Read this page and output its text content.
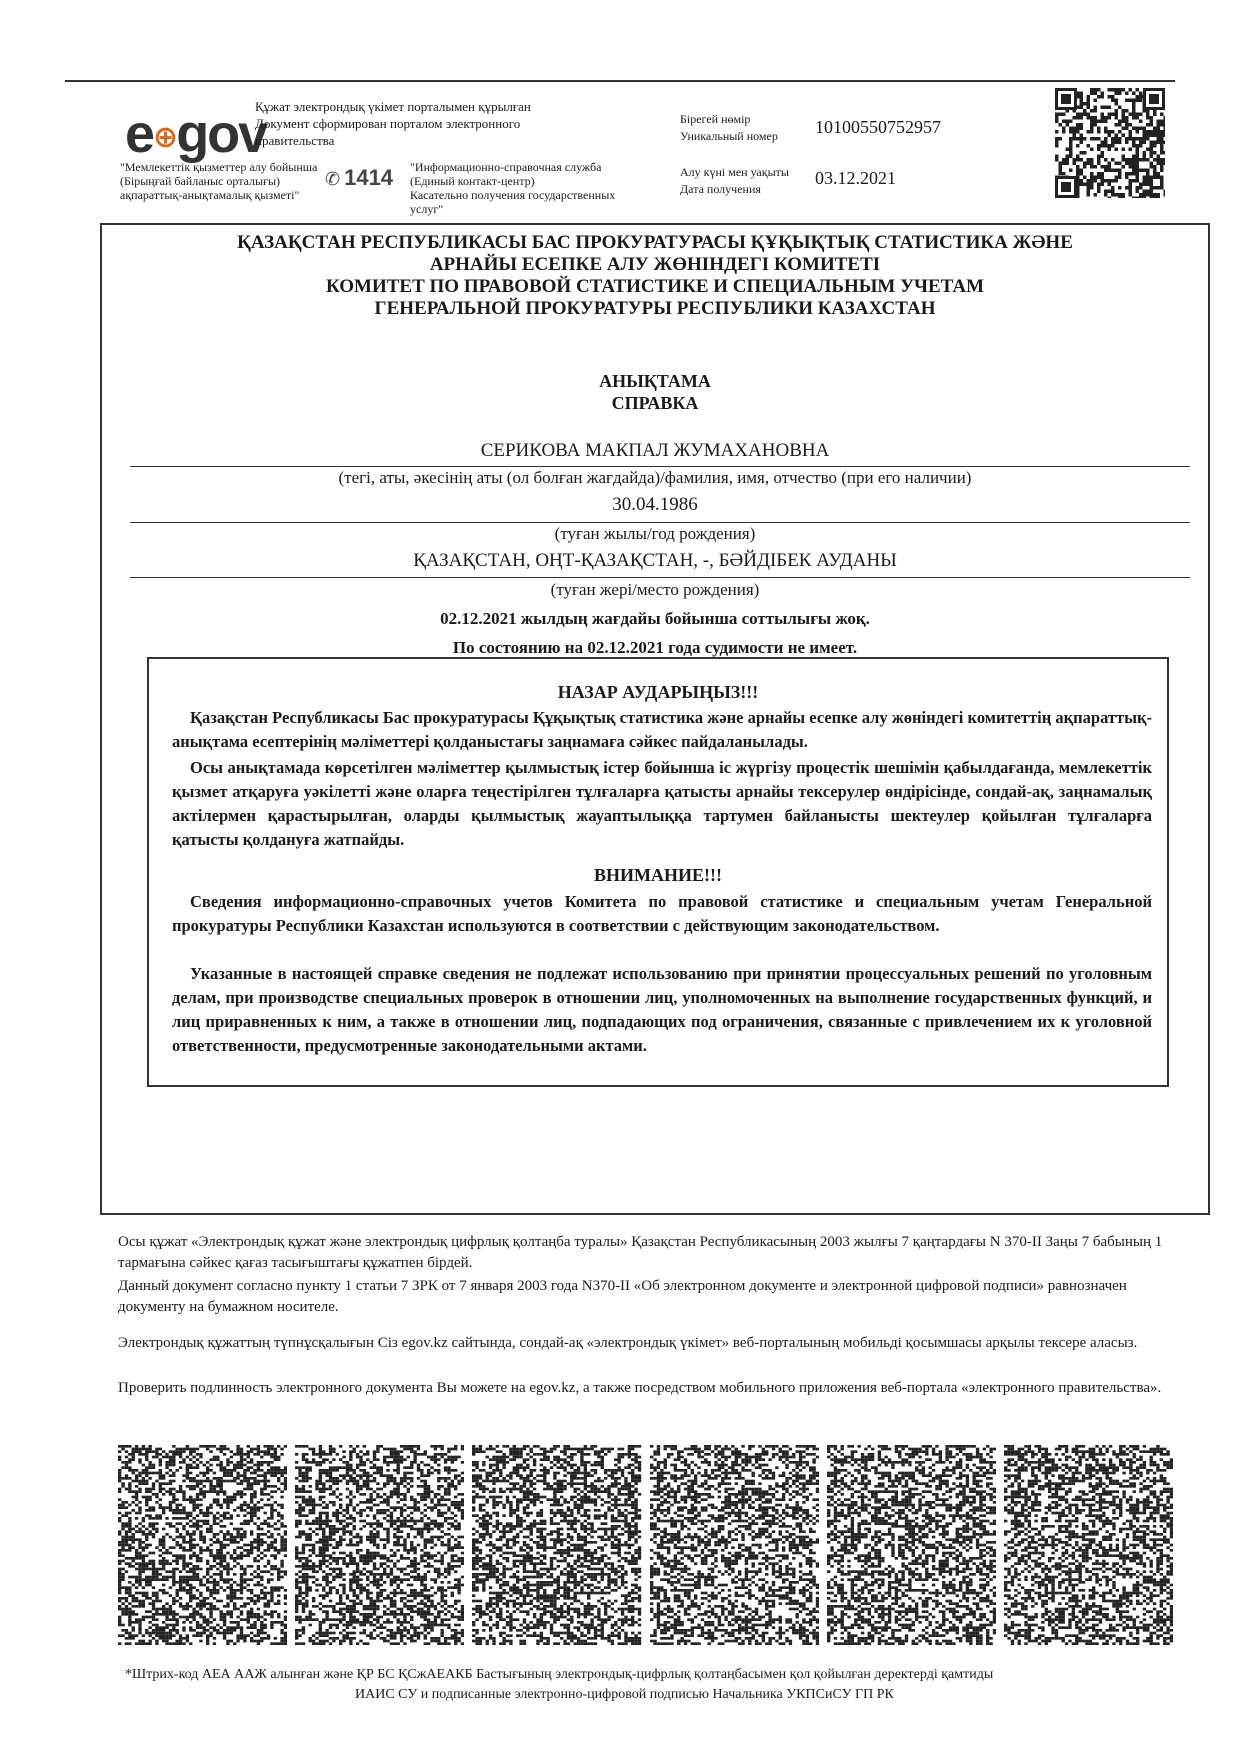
e⊕gov
Құжат электрондық үкімет порталымен құрылған
Документ сформирован порталом электронного правительства
"Мемлекеттік қызметтер алу бойынша
(Бірыңғай байланыс орталығы)
ақпараттық-анықтамалық қызметі"
✆ 1414 "Информационно-справочная служба
(Единый контакт-центр)
Касательно получения государственных услуг"
Бірегей нөмір
Уникальный номер	10100550752957
Алу күні мен уақыты
Дата получения
03.12.2021
ҚАЗАҚСТАН РЕСПУБЛИКАСЫ БАС ПРОКУРАТУРАСЫ ҚҰҚЫҚТЫҚ СТАТИСТИКА ЖӘНЕ
АРНАЙЫ ЕСЕПКЕ АЛУ ЖӨНІНДЕГІ КОМИТЕТІ
КОМИТЕТ ПО ПРАВОВОЙ СТАТИСТИКЕ И СПЕЦИАЛЬНЫМ УЧЕТАМ
ГЕНЕРАЛЬНОЙ ПРОКУРАТУРЫ РЕСПУБЛИКИ КАЗАХСТАН
АНЫҚТАМА
СПРАВКА
СЕРИКОВА МАКПАЛ ЖУМАХАНОВНА
(тегі, аты, әкесінің аты (ол болған жағдайда)/фамилия, имя, отчество (при его наличии)
30.04.1986
(туған жылы/год рождения)
ҚАЗАҚСТАН, ОҢТ-ҚАЗАҚСТАН, -, БӘЙДІБЕК АУДАНЫ
(туған жері/место рождения)
02.12.2021 жылдың жағдайы бойынша соттылығы жоқ.
По состоянию на 02.12.2021 года судимости не имеет.
НАЗАР АУДАРЫҢЫЗ!!!
Қазақстан Республикасы Бас прокуратурасы Құқықтық статистика және арнайы есепке алу жөніндегі комитеттің ақпараттық-анықтама есептерінің мәліметтері қолданыстағы заңнамаға сәйкес пайдаланылады.
Осы анықтамада көрсетілген мәліметтер қылмыстық істер бойынша іс жүргізу процестік шешімін қабылдағанда, мемлекеттік қызмет атқаруға уәкілетті және оларға теңестірілген тұлғаларға қатысты арнайы тексерулер өндірісінде, сондай-ақ, заңнамалық актілермен қарастырылған, оларды қылмыстық жауаптылыққа тартумен байланысты шектеулер қойылған тұлғаларға қатысты қолдануға жатпайды.
ВНИМАНИЕ!!!
Сведения информационно-справочных учетов Комитета по правовой статистике и специальным учетам Генеральной прокуратуры Республики Казахстан используются в соответствии с действующим законодательством.
Указанные в настоящей справке сведения не подлежат использованию при принятии процессуальных решений по уголовным делам, при производстве специальных проверок в отношении лиц, уполномоченных на выполнение государственных функций, и лиц приравненных к ним, а также в отношении лиц, подпадающих под ограничения, связанные с привлечением их к уголовной ответственности, предусмотренные законодательными актами.
Осы құжат «Электрондық құжат және электрондық цифрлық қолтаңба туралы» Қазақстан Республикасының 2003 жылғы 7 қаңтардағы N 370-II Заңы 7 бабының 1 тармағына сәйкес қағаз тасығыштағы құжатпен бірдей.
Данный документ согласно пункту 1 статьи 7 ЗРК от 7 января 2003 года N370-II «Об электронном документе и электронной цифровой подписи» равнозначен документу на бумажном носителе.
Электрондық құжаттың түпнұсқалығын Сіз egov.kz сайтында, сондай-ақ «электрондық үкімет» веб-порталының мобильді қосымшасы арқылы тексере аласыз.
Проверить подлинность электронного документа Вы можете на egov.kz, а также посредством мобильного приложения веб-портала «электронного правительства».
*Штрих-код АЕА ААЖ алынған және ҚР БС ҚСжАЕАКБ Бастығының электрондық-цифрлық қолтаңбасымен қол қойылған деректерді қамтиды
ИАИС СУ и подписанные электронно-цифровой подписью Начальника УКПСиСУ ГП РК
